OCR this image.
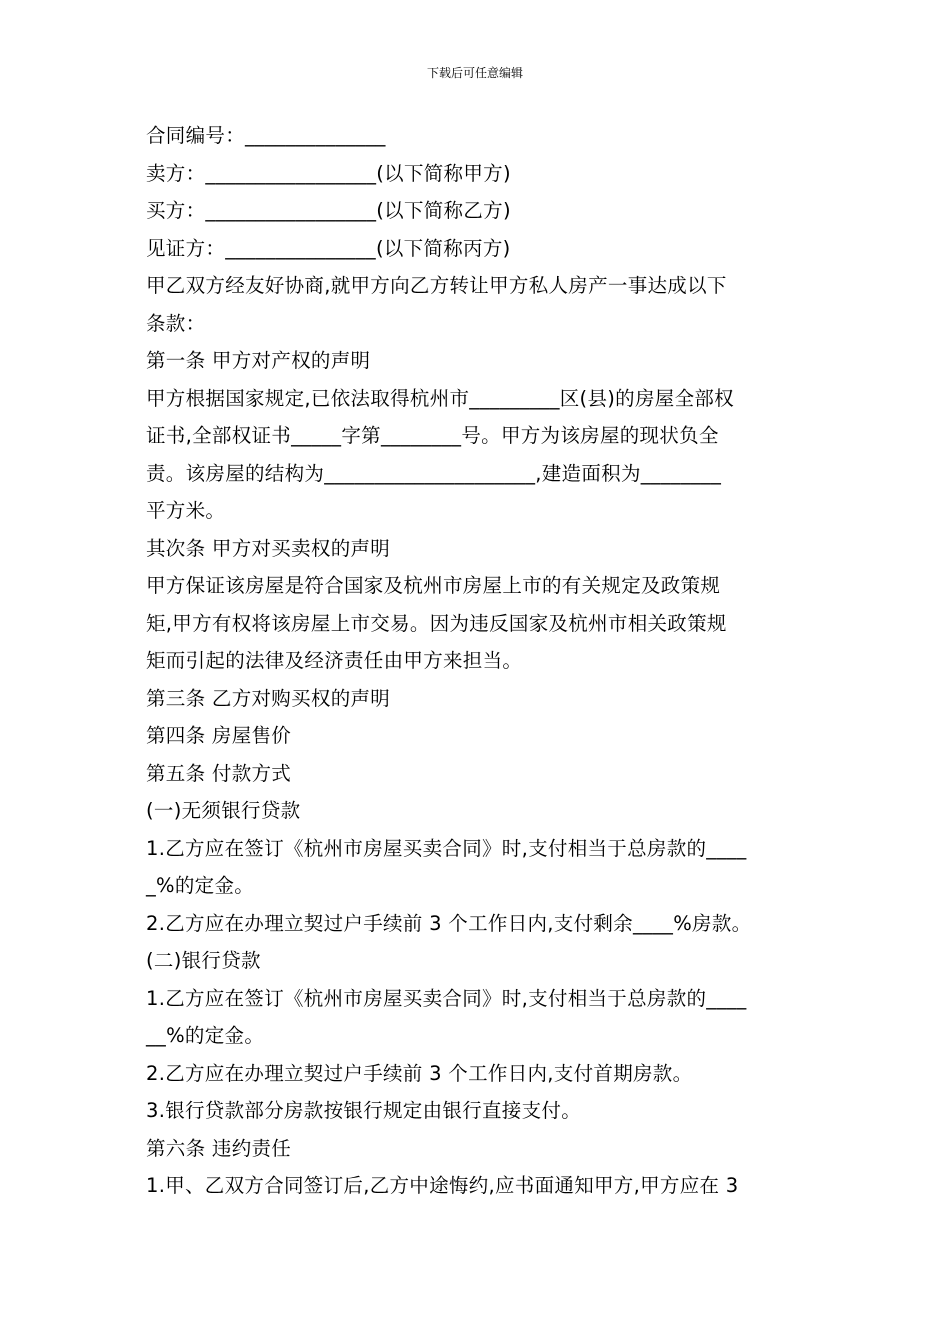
下载后可任意编辑
合同编号：______________
卖方：_________________(以下简称甲方)
买方：_________________(以下简称乙方)
见证方：_______________(以下简称丙方)
甲乙双方经友好协商,就甲方向乙方转让甲方私人房产一事达成以下
条款：
第一条 甲方对产权的声明
甲方根据国家规定,已依法取得杭州市_________区(县)的房屋全部权
证书,全部权证书_____字第________号。甲方为该房屋的现状负全
责。该房屋的结构为_____________________,建造面积为________
平方米。
其次条 甲方对买卖权的声明
甲方保证该房屋是符合国家及杭州市房屋上市的有关规定及政策规
矩,甲方有权将该房屋上市交易。因为违反国家及杭州市相关政策规
矩而引起的法律及经济责任由甲方来担当。
第三条 乙方对购买权的声明
第四条 房屋售价
第五条 付款方式
(一)无须银行贷款
1.乙方应在签订《杭州市房屋买卖合同》时,支付相当于总房款的____
_%的定金。
2.乙方应在办理立契过户手续前 3 个工作日内,支付剩余____%房款。
(二)银行贷款
1.乙方应在签订《杭州市房屋买卖合同》时,支付相当于总房款的____
__%的定金。
2.乙方应在办理立契过户手续前 3 个工作日内,支付首期房款。
3.银行贷款部分房款按银行规定由银行直接支付。
第六条 违约责任
1.甲、乙双方合同签订后,乙方中途悔约,应书面通知甲方,甲方应在 3
